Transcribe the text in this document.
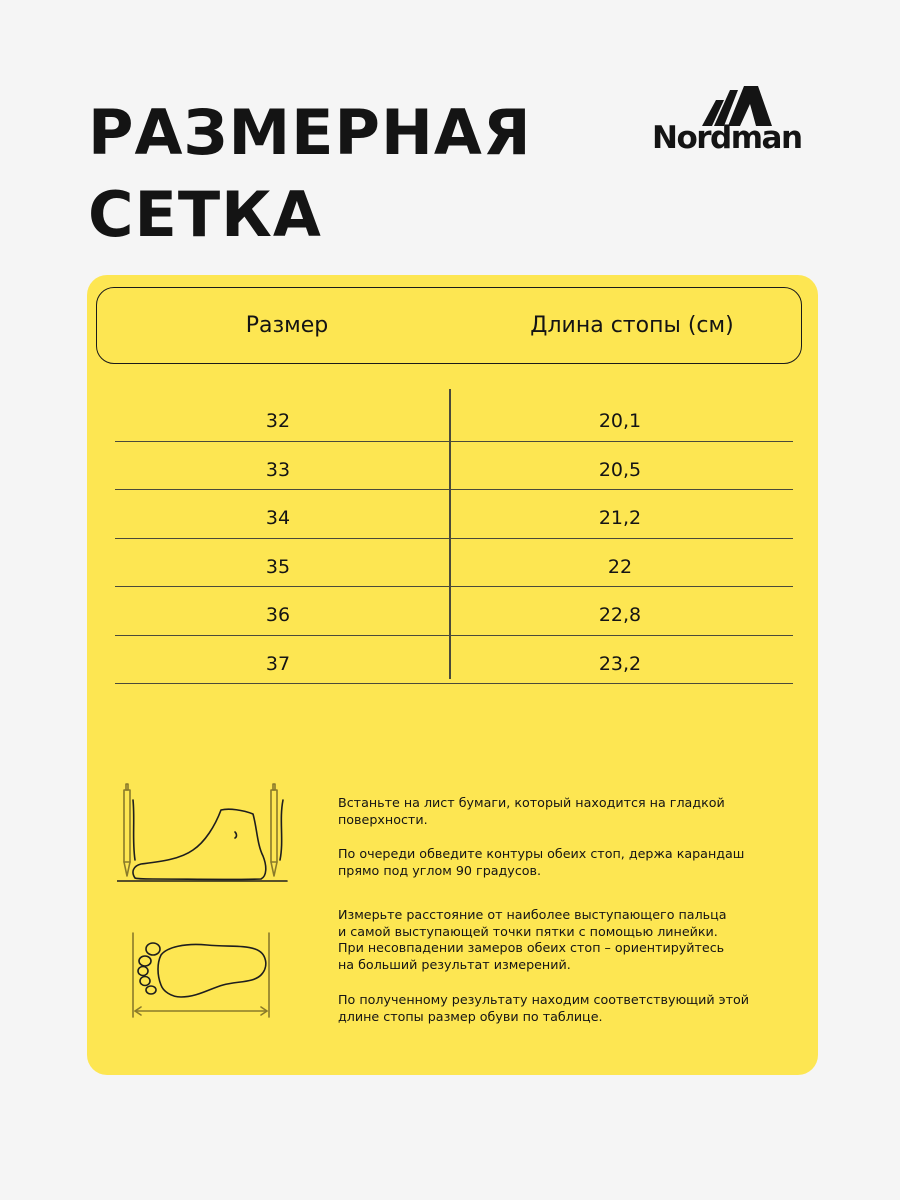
РАЗМЕРНАЯ
СЕТКА
Nordman
Размер	Длина стопы (см)
32	20,1
33	20,5
34	21,2
35	22
36	22,8
37	23,2

Встаньте на лист бумаги, который находится на гладкой
поверхности.

По очереди обведите контуры обеих стоп, держа карандаш
прямо под углом 90 градусов.

Измерьте расстояние от наиболее выступающего пальца
и самой выступающей точки пятки с помощью линейки.
При несовпадении замеров обеих стоп – ориентируйтесь
на больший результат измерений.

По полученному результату находим соответствующий этой
длине стопы размер обуви по таблице.
